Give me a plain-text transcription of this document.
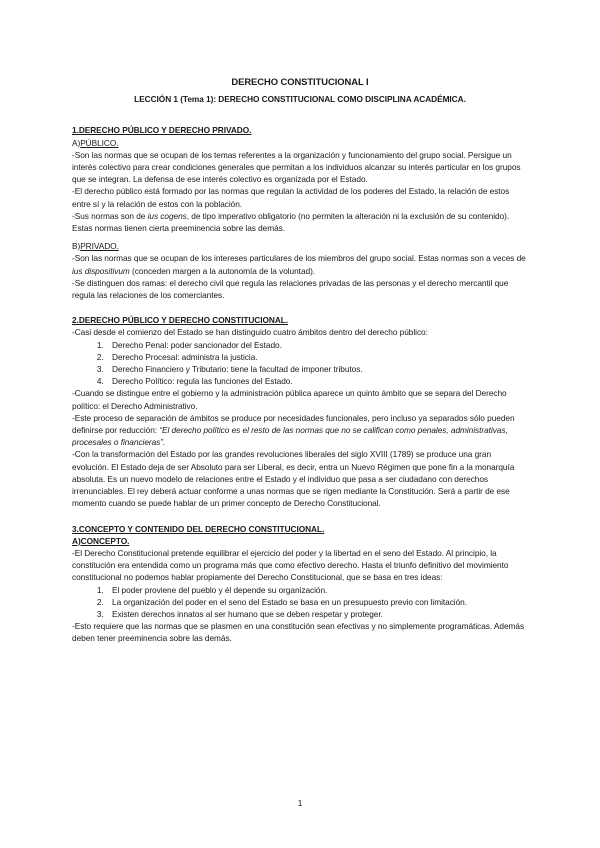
DERECHO CONSTITUCIONAL I

LECCIÓN 1 (Tema 1): DERECHO CONSTITUCIONAL COMO DISCIPLINA ACADÉMICA.

1.DERECHO PÚBLICO Y DERECHO PRIVADO.

A)PÚBLICO.

-Son las normas que se ocupan de los temas referentes a la organización y funcionamiento del grupo social. Persigue un interés colectivo para crear condiciones generales que permitan a los individuos alcanzar su interés particular en los grupos que se integran. La defensa de ese interés colectivo es organizada por el Estado.

-El derecho público está formado por las normas que regulan la actividad de los poderes del Estado, la relación de estos entre sí y la relación de estos con la población.

-Sus normas son de ius cogens, de tipo imperativo obligatorio (no permiten la alteración ni la exclusión de su contenido). Estas normas tienen cierta preeminencia sobre las demás.

B)PRIVADO.

-Son las normas que se ocupan de los intereses particulares de los miembros del grupo social. Estas normas son a veces de ius dispositivum (conceden margen a la autonomía de la voluntad).

-Se distinguen dos ramas: el derecho civil que regula las relaciones privadas de las personas y el derecho mercantil que regula las relaciones de los comerciantes.

2.DERECHO PÚBLICO Y DERECHO CONSTITUCIONAL.

-Casi desde el comienzo del Estado se han distinguido cuatro ámbitos dentro del derecho público:

1. Derecho Penal: poder sancionador del Estado.
2. Derecho Procesal: administra la justicia.
3. Derecho Financiero y Tributario: tiene la facultad de imponer tributos.
4. Derecho Político: regula las funciones del Estado.

-Cuando se distingue entre el gobierno y la administración pública aparece un quinto ámbito que se separa del Derecho político: el Derecho Administrativo.

-Este proceso de separación de ámbitos se produce por necesidades funcionales, pero incluso ya separados sólo pueden definirse por reducción: “El derecho político es el resto de las normas que no se califican como penales, administrativas, procesales o financieras”.

-Con la transformación del Estado por las grandes revoluciones liberales del siglo XVIII (1789) se produce una gran evolución. El Estado deja de ser Absoluto para ser Liberal, es decir, entra un Nuevo Régimen que pone fin a la monarquía absoluta. Es un nuevo modelo de relaciones entre el Estado y el individuo que pasa a ser ciudadano con derechos irrenunciables. El rey deberá actuar conforme a unas normas que se rigen mediante la Constitución. Será a partir de ese momento cuando se puede hablar de un primer concepto de Derecho Constitucional.

3.CONCEPTO Y CONTENIDO DEL DERECHO CONSTITUCIONAL.

A)CONCEPTO.

-El Derecho Constitucional pretende equilibrar el ejercicio del poder y la libertad en el seno del Estado. Al principio, la constitución era entendida como un programa más que como efectivo derecho. Hasta el triunfo definitivo del movimiento constitucional no podemos hablar propiamente del Derecho Constitucional, que se basa en tres ideas:

1. El poder proviene del pueblo y él depende su organización.
2. La organización del poder en el seno del Estado se basa en un presupuesto previo con limitación.
3. Existen derechos innatos al ser humano que se deben respetar y proteger.

-Esto requiere que las normas que se plasmen en una constitución sean efectivas y no simplemente programáticas. Además deben tener preeminencia sobre las demás.

1
